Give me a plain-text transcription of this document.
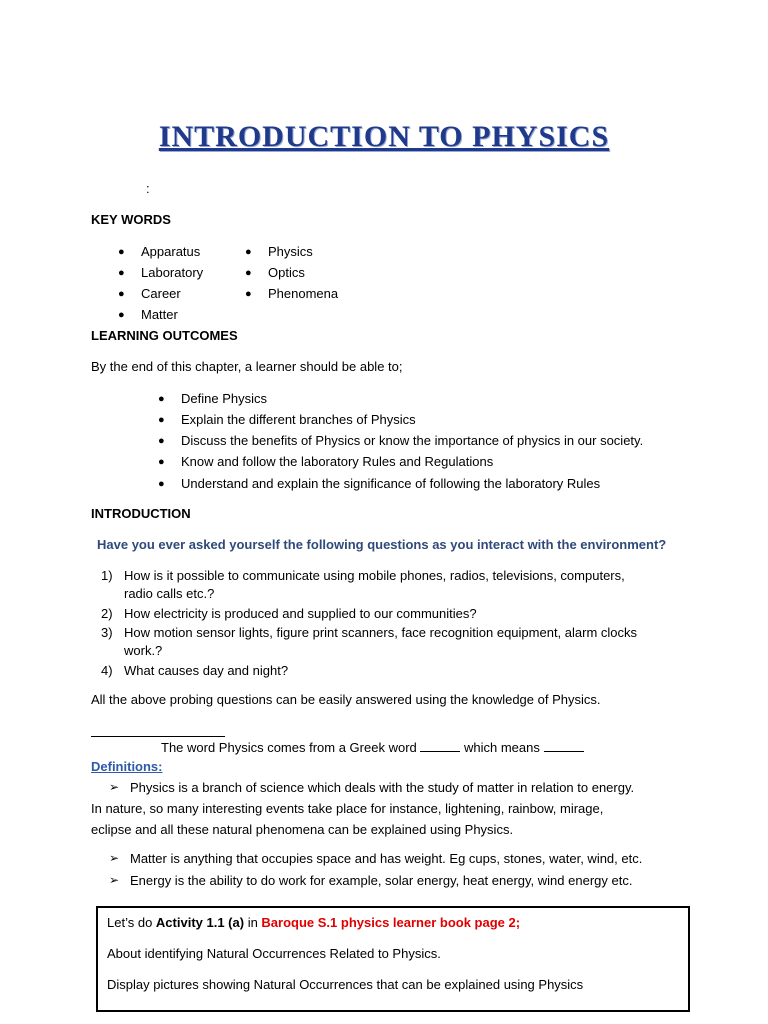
INTRODUCTION TO PHYSICS
:
KEY WORDS
● Apparatus
● Laboratory
● Career
● Matter
● Physics
● Optics
● Phenomena
LEARNING OUTCOMES
By the end of this chapter, a learner should be able to;
● Define Physics
● Explain the different branches of Physics
● Discuss the benefits of Physics or know the importance of physics in our society.
● Know and follow the laboratory Rules and Regulations
● Understand and explain the significance of following the laboratory Rules
INTRODUCTION
Have you ever asked yourself the following questions as you interact with the environment?
1) How is it possible to communicate using mobile phones, radios, televisions, computers,
radio calls etc.?
2) How electricity is produced and supplied to our communities?
3) How motion sensor lights, figure print scanners, face recognition equipment, alarm clocks
work.?
4) What causes day and night?
All the above probing questions can be easily answered using the knowledge of Physics.
The word Physics comes from a Greek word	which means
Definitions:
➢ Physics is a branch of science which deals with the study of matter in relation to energy.
In nature, so many interesting events take place for instance, lightening, rainbow, mirage,
eclipse and all these natural phenomena can be explained using Physics.
➢ Matter is anything that occupies space and has weight. Eg cups, stones, water, wind, etc.
➢ Energy is the ability to do work for example, solar energy, heat energy, wind energy etc.
Let’s do Activity 1.1 (a) in Baroque S.1 physics learner book page 2;
About identifying Natural Occurrences Related to Physics.
Display pictures showing Natural Occurrences that can be explained using Physics
